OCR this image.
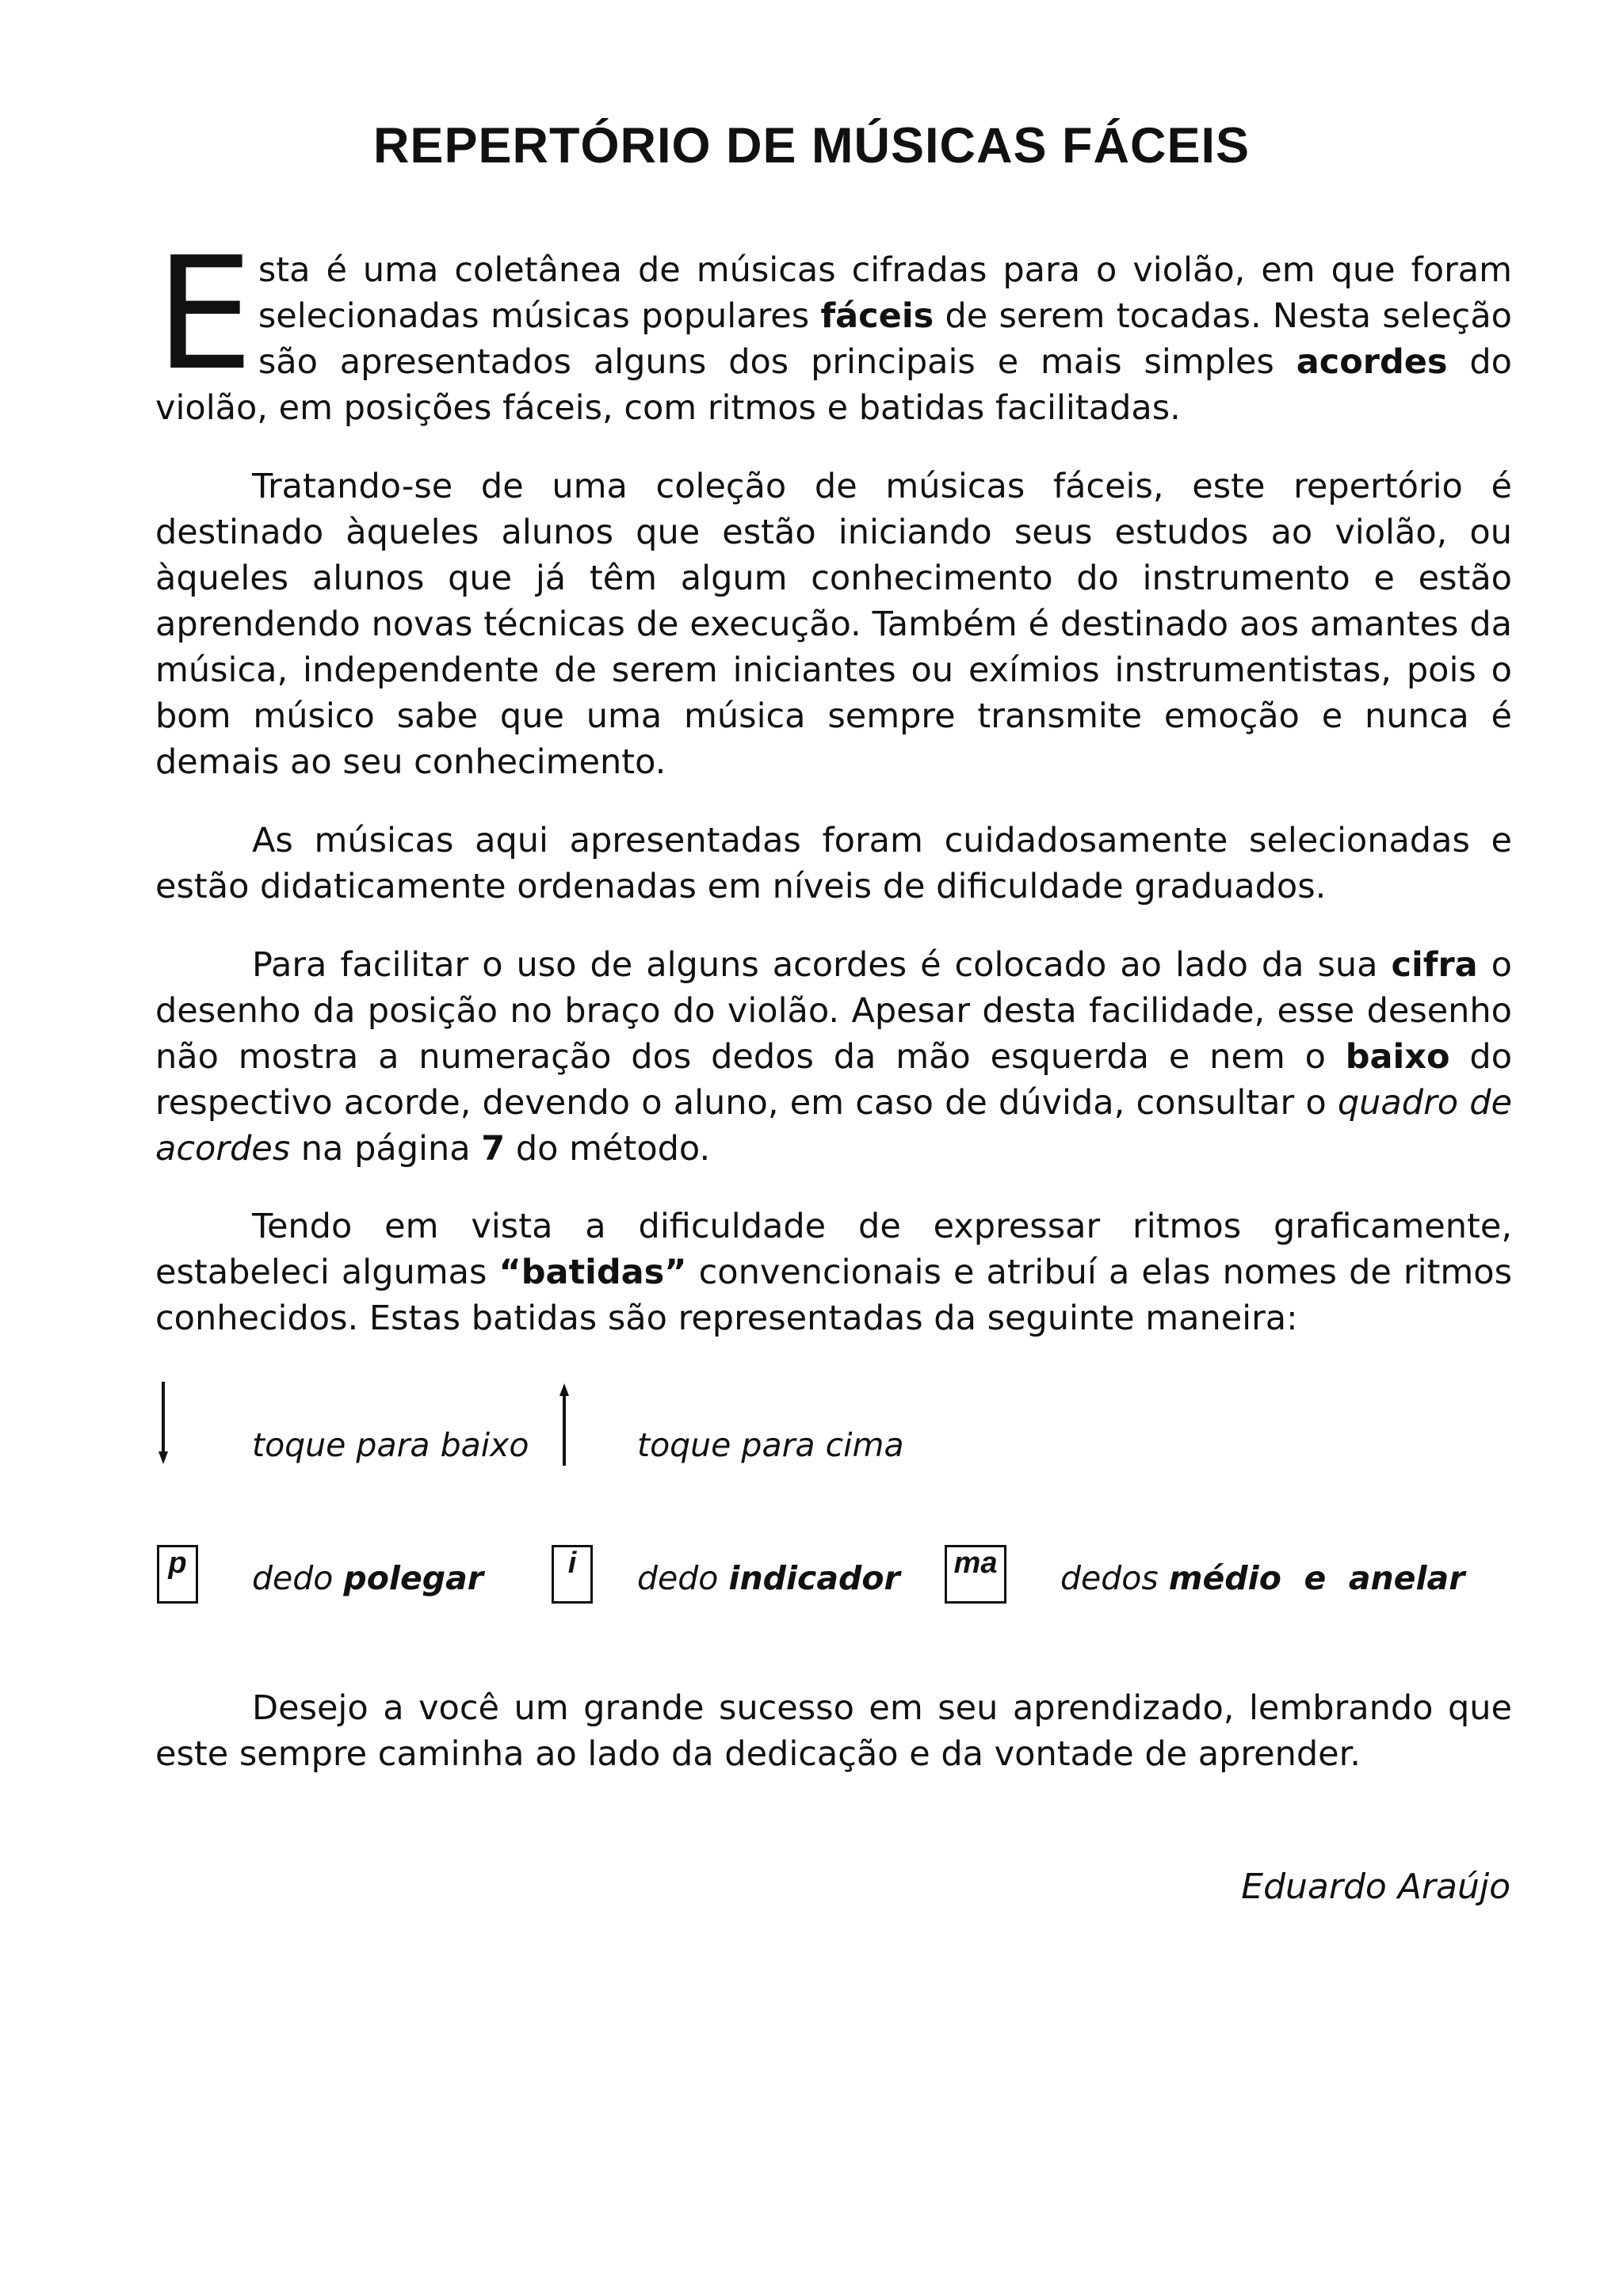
REPERTÓRIO DE MÚSICAS FÁCEIS

Esta é uma coletânea de músicas cifradas para o violão, em que foram selecionadas músicas populares fáceis de serem tocadas. Nesta seleção são apresentados alguns dos principais e mais simples acordes do violão, em posições fáceis, com ritmos e batidas facilitadas.

Tratando-se de uma coleção de músicas fáceis, este repertório é destinado àqueles alunos que estão iniciando seus estudos ao violão, ou àqueles alunos que já têm algum conhecimento do instrumento e estão aprendendo novas técnicas de execução. Também é destinado aos amantes da música, independente de serem iniciantes ou exímios instrumentistas, pois o bom músico sabe que uma música sempre transmite emoção e nunca é demais ao seu conhecimento.

As músicas aqui apresentadas foram cuidadosamente selecionadas e estão didaticamente ordenadas em níveis de dificuldade graduados.

Para facilitar o uso de alguns acordes é colocado ao lado da sua cifra o desenho da posição no braço do violão. Apesar desta facilidade, esse desenho não mostra a numeração dos dedos da mão esquerda e nem o baixo do respectivo acorde, devendo o aluno, em caso de dúvida, consultar o quadro de acordes na página 7 do método.

Tendo em vista a dificuldade de expressar ritmos graficamente, estabeleci algumas “batidas” convencionais e atribuí a elas nomes de ritmos conhecidos. Estas batidas são representadas da seguinte maneira:

toque para baixo	toque para cima
p	dedo polegar	i	dedo indicador	ma dedos médio e anelar

Desejo a você um grande sucesso em seu aprendizado, lembrando que este sempre caminha ao lado da dedicação e da vontade de aprender.

Eduardo Araújo
